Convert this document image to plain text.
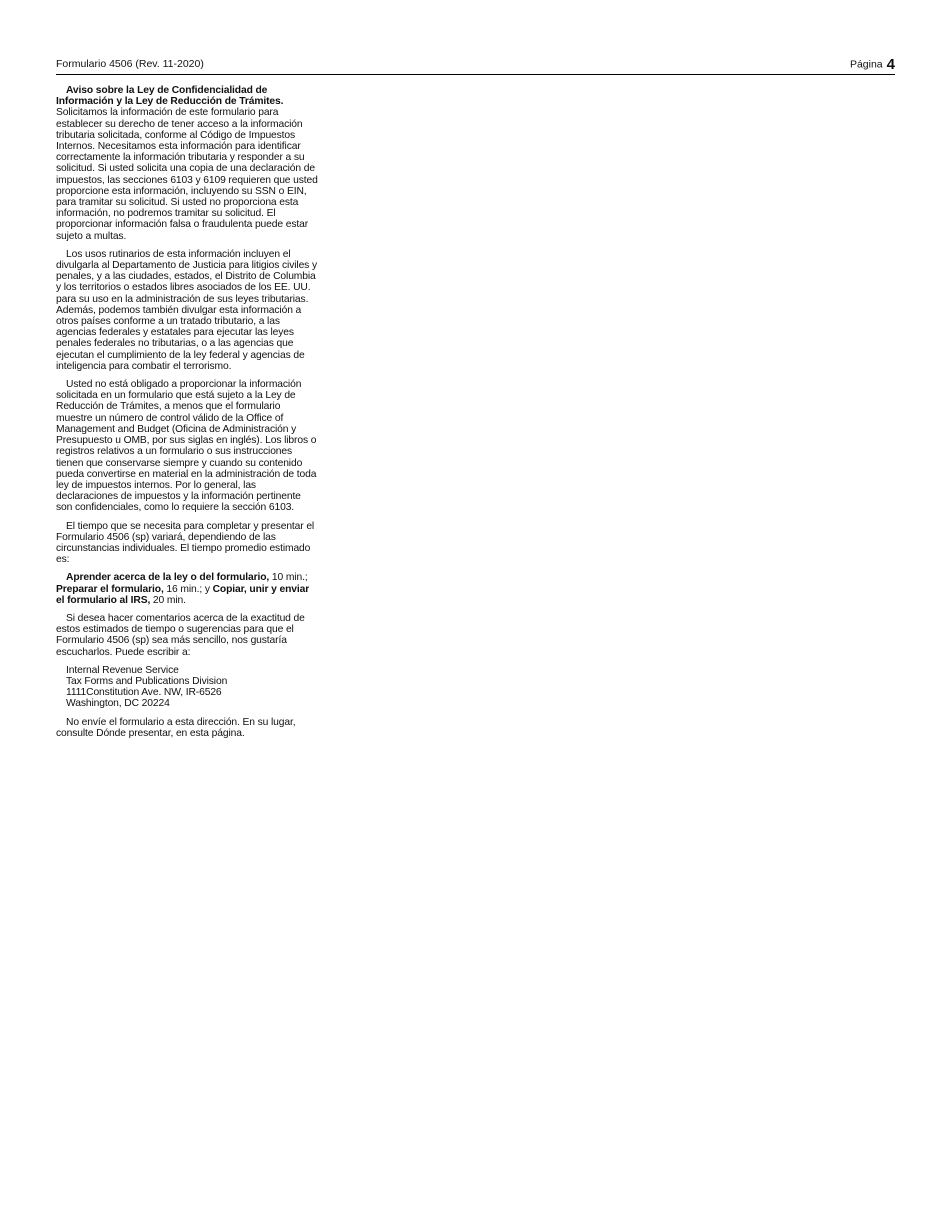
Formulario 4506 (Rev. 11-2020)	Página 4

Aviso sobre la Ley de Confidencialidad de Información y la Ley de Reducción de Trámites. Solicitamos la información de este formulario para establecer su derecho de tener acceso a la información tributaria solicitada, conforme al Código de Impuestos Internos. Necesitamos esta información para identificar correctamente la información tributaria y responder a su solicitud. Si usted solicita una copia de una declaración de impuestos, las secciones 6103 y 6109 requieren que usted proporcione esta información, incluyendo su SSN o EIN, para tramitar su solicitud. Si usted no proporciona esta información, no podremos tramitar su solicitud. El proporcionar información falsa o fraudulenta puede estar sujeto a multas.

Los usos rutinarios de esta información incluyen el divulgarla al Departamento de Justicia para litigios civiles y penales, y a las ciudades, estados, el Distrito de Columbia y los territorios o estados libres asociados de los EE. UU. para su uso en la administración de sus leyes tributarias. Además, podemos también divulgar esta información a otros países conforme a un tratado tributario, a las agencias federales y estatales para ejecutar las leyes penales federales no tributarias, o a las agencias que ejecutan el cumplimiento de la ley federal y agencias de inteligencia para combatir el terrorismo.

Usted no está obligado a proporcionar la información solicitada en un formulario que está sujeto a la Ley de Reducción de Trámites, a menos que el formulario muestre un número de control válido de la Office of Management and Budget (Oficina de Administración y Presupuesto u OMB, por sus siglas en inglés). Los libros o registros relativos a un formulario o sus instrucciones tienen que conservarse siempre y cuando su contenido pueda convertirse en material en la administración de toda ley de impuestos internos. Por lo general, las declaraciones de impuestos y la información pertinente son confidenciales, como lo requiere la sección 6103.

El tiempo que se necesita para completar y presentar el Formulario 4506 (sp) variará, dependiendo de las circunstancias individuales. El tiempo promedio estimado es:

Aprender acerca de la ley o del formulario, 10 min.; Preparar el formulario, 16 min.; y Copiar, unir y enviar el formulario al IRS, 20 min.

Si desea hacer comentarios acerca de la exactitud de estos estimados de tiempo o sugerencias para que el Formulario 4506 (sp) sea más sencillo, nos gustaría escucharlos. Puede escribir a:

Internal Revenue Service
Tax Forms and Publications Division
1111Constitution Ave. NW, IR-6526
Washington, DC 20224

No envíe el formulario a esta dirección. En su lugar, consulte Dónde presentar, en esta página.
